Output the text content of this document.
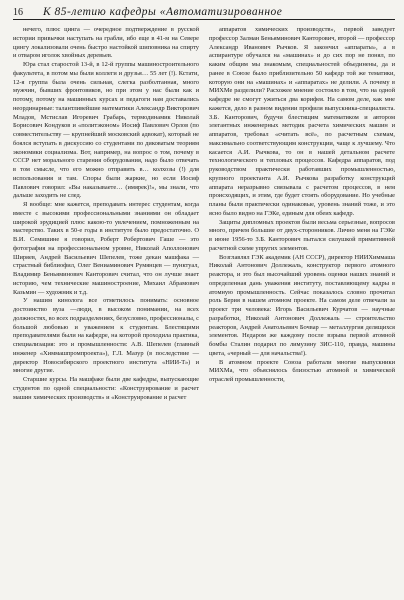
16	К 85-летию кафедры «Автоматизированное

нечего, плюс цинга — очередное подтверждение в русской истории привычки наступать на грабли, ибо еще в 41-м на Севере цингу локализовали очень быстро настойкой шиповника на спирту и отваром иголок хвойных деревьев.

Юра стал старостой 13-й, в 12-й группы машиностроительного факультета, в потом мы были коллеги и друзья… 55 лет (!). Кстати, 12-я группа была очень сильная, слегка разболтанная, много мужчин, бывших фронтовиков, но при этом у нас были как и потому, потому на машинных курсах и педагоги нам доставались неординарные: талантливейшие математики Александр Викторович Младов, Мстислав Игоревич Грабарь, термодинамик Николай Борисович Кондуков и «политэконом» Иосиф Павлович Орлов (по совместительству — крупнейший московский адвокат), который не боялся вступать в дискуссию со студентами по диковатым теориям экономики социализма. Вот, например, на вопрос о том, почему в СССР нет морального старения оборудования, надо было отвечать в том смысле, что его можно отправить в… колхозы (!) для использования и там. Споры были жаркие, но если Иосиф Павлович говорил: «Вы наказываете… (имярек)!», мы знали, что дальше заходить не след.

Я вообще: мне кажется, преподавать интерес студентам, когда вместе с высокими профессиональными знаниями он обладает широкой эрудицией плюс какою-то увлечением, помноженным на мастерство. Таких в 50-е годы в институте было предостаточно. О В.И. Семишине я говорил, Роберт Робертович Гаше — это фотография на профессиональном уровне, Николай Аполлонович Ширяев, Андрей Васильевич Шепелев, тоже декан машфака — страстный библиофил, Олег Вениаминович Румянцев — пунктуал, Владимир Беньяминович Канторович считал, что он лучше знает историю, чем технические машиностроение, Михаил Абрамович Казьмин — художник и т.д.

У нашим кинолога все отметилось понимать: основное достоинство вуза —люди, в высоком понимании, на всех должностях, во всех подразделениях, безусловно, профессионалы, с большой любовью и уважением к студентам. Блестящими преподавателями были на кафедре, на которой проходила практика, специализация: это и промышленности: А.В. Шепелев (главный инженер «Химмашпромпроекта»), Г.Л. Мазур (в последствие — директор Новосибирского проектного института «НИИ-Т») и многие другие.

Старшие курсы. На машфаке были две кафедры, выпускающие студентов по одной специальности: «Конструирование и расчет машин химических производств» и «Конструирование и расчет

аппаратов химических производств», первой заведует профессор Залман Беньяминович Канторович, второй — профессор Александр Иванович Рычков. Я закончил «аппараты», а в аспирантуре обучался на «машинах» и до сих пор не понял, по каким общим мы знакомым, специальностей объединены, да и ранее в Союзе было приблизительно 50 кафедр той же тематики, которую они на «машинах» и «аппаратах» не делили. А почему в МИХМе разделили? Расхожее мнение состояло в том, что на одной кафедре не смогут ужиться два корифея. На самом деле, как мне кажется, дело в разном видении профиля выпускника-специалиста. З.Б. Канторович, будучи блестящим математиком и автором элегантных инженерных методик расчета химических машин и аппаратов, требовал «считать всё», по расчетным схемам, максимально соответствующим конструкции, чаще к лучшему. Что касается А.И. Рычкова, то он в нашей детальном расчете технологического и тепловых процессов. Кафедра аппаратов, под руководством практически работавших промышленностью, крупного проектанта А.И. Рычкова разработку конструкций аппарата неразрывно связывала с расчетом процессов, в нем происходящих, и этим, где будет стоять оборудование. Но учебные планы были практически одинаковые, уровень знаний тоже, и это ясно было видно на ГЭКе, единым для обеих кафедр.

Защиты дипломных проектов были весьма серьезные, вопросов много, причем большие от двух-сторонников. Лично меня на ГЭКе в июне 1956-то З.Б. Канторович пытался силушкой примитивной расчетной схеме упругих элементов.

Возглавлял ГЭК академик (АН СССР), директор НИИХиммаша Николай Антонович Доллежаль, конструктор первого атомного реактора, и это был высочайший уровень оценки наших знаний и определенная дань уважения институту, поставляющему кадры в атомную промышленность. Сейчас показалось словно прочитал роль Берия в нашем атомном проекте. На самом деле отвечали за проект три человека: Игорь Васильевич Курчатов — научные разработки, Николай Антонович Доллежаль — строительство реакторов, Андрей Анатольевич Бочвар — металлургия делящихся элементов. Недаром же каждому после взрыва первой атомной бомбы Сталин подарил по лимузину ЗИС-110, правда, машины цвета, «черный — для начальства!).

В атомном проекте Союза работали многие выпускники МИХМа, что объяснялось близостью атомной и химической отраслей промышленности,
